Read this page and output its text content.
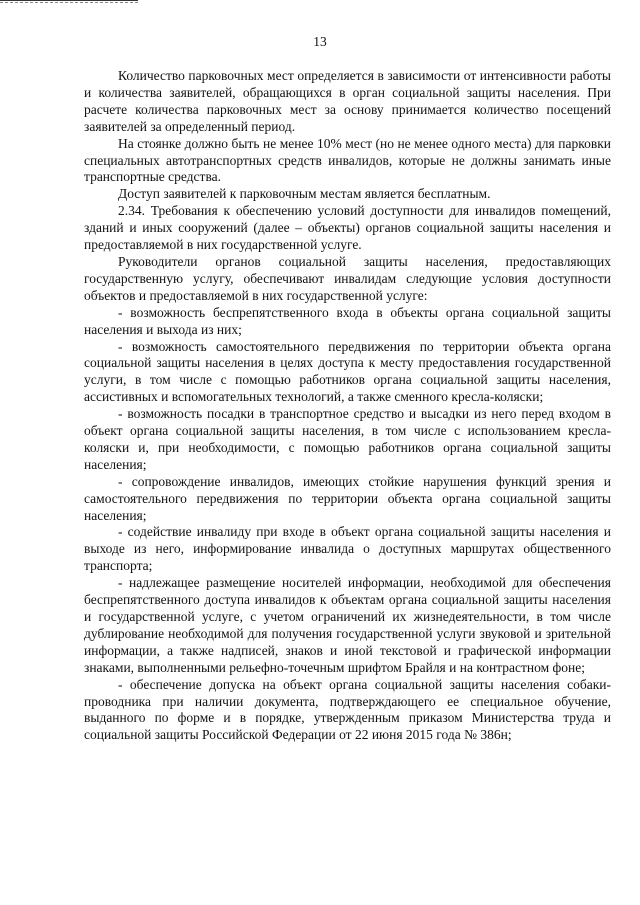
13

Количество парковочных мест определяется в зависимости от интенсивности работы и количества заявителей, обращающихся в орган социальной защиты населения. При расчете количества парковочных мест за основу принимается количество посещений заявителей за определенный период.

На стоянке должно быть не менее 10% мест (но не менее одного места) для парковки специальных автотранспортных средств инвалидов, которые не должны занимать иные транспортные средства.

Доступ заявителей к парковочным местам является бесплатным.

2.34. Требования к обеспечению условий доступности для инвалидов помещений, зданий и иных сооружений (далее – объекты) органов социальной защиты населения и предоставляемой в них государственной услуге.

Руководители органов социальной защиты населения, предоставляющих государственную услугу, обеспечивают инвалидам следующие условия доступности объектов и предоставляемой в них государственной услуге:

- возможность беспрепятственного входа в объекты органа социальной защиты населения и выхода из них;

- возможность самостоятельного передвижения по территории объекта органа социальной защиты населения в целях доступа к месту предоставления государственной услуги, в том числе с помощью работников органа социальной защиты населения, ассистивных и вспомогательных технологий, а также сменного кресла-коляски;

- возможность посадки в транспортное средство и высадки из него перед входом в объект органа социальной защиты населения, в том числе с использованием кресла-коляски и, при необходимости, с помощью работников органа социальной защиты населения;

- сопровождение инвалидов, имеющих стойкие нарушения функций зрения и самостоятельного передвижения по территории объекта органа социальной защиты населения;

- содействие инвалиду при входе в объект органа социальной защиты населения и выходе из него, информирование инвалида о доступных маршрутах общественного транспорта;

- надлежащее размещение носителей информации, необходимой для обеспечения беспрепятственного доступа инвалидов к объектам органа социальной защиты населения и государственной услуге, с учетом ограничений их жизнедеятельности, в том числе дублирование необходимой для получения государственной услуги звуковой и зрительной информации, а также надписей, знаков и иной текстовой и графической информации знаками, выполненными рельефно-точечным шрифтом Брайля и на контрастном фоне;

- обеспечение допуска на объект органа социальной защиты населения собаки-проводника при наличии документа, подтверждающего ее специальное обучение, выданного по форме и в порядке, утвержденным приказом Министерства труда и социальной защиты Российской Федерации от 22 июня 2015 года № 386н;
